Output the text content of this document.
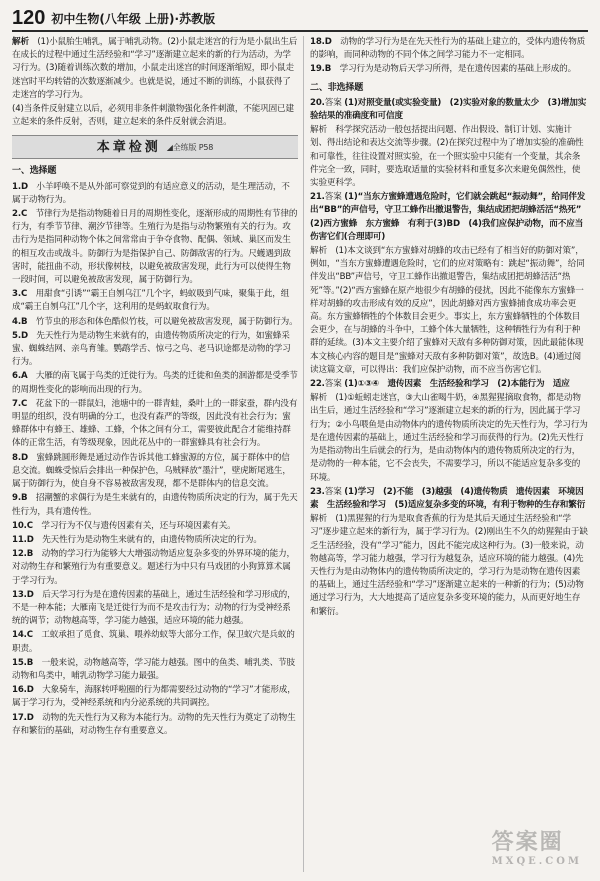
120 初中生物(八年级 上册)·苏教版
解析　 (1)小鼠胎生哺乳，属于哺乳动物。(2)小鼠走迷宫的行为是小鼠出生后在成长的过程中通过生活经验和“学习”逐渐建立起来的新的行为活动，为学习行为。(3)随着训练次数的增加，小鼠走出迷宫的时间逐渐缩短，即小鼠走迷宫时平均转错的次数逐渐减少。也就是说，通过不断的训练，小鼠获得了走迷宫的学习行为。
(4)当条件反射建立以后，必须用非条件刺激物强化条件刺激，不能巩固已建立起来的条件反射，否则，建立起来的条件反射就会消退。
本章检测 ◢全练版 P58
一、选择题
1.D　 小羊呼唤不是从外部可察觉到的有适应意义的活动，是生理活动，不属于动物行为。
2.C　 节律行为是指动物随着日月的周期性变化，逐渐形成的周期性有节律的行为，有季节节律、潮汐节律等。生殖行为是指与动物繁殖有关的行为。攻击行为是指同种动物个体之间常常由于争夺食物、配偶、领域、巢区而发生的相互攻击或战斗。防御行为是指保护自己、防御敌害的行为。尺蠖遇到敌害时，能扭曲不动，形状像树枝，以避免被敌害发现，此行为可以使得生物一段时间，可以避免被敌害发现，属于防御行为。
3.C　 用甜食“引诱”“霸王自刎乌江”几个字，蚂蚁吸到气味，聚集于此，组成“霸王自刎乌江”几个字，这利用的是蚂蚁取食行为。
4.B　 竹节虫的形态和体色酷似竹枝，可以避免被敌害发现，属于防御行为。
5.D　 先天性行为是动物生来就有的，由遗传物质所决定的行为，如蜜蜂采蜜、蜘蛛结网、亲鸟育雏。鹦鹉学舌、惊弓之鸟、老马识途都是动物的学习行为。
6.A　 大雁的南飞属于鸟类的迁徙行为。鸟类的迁徙和鱼类的洄游都是受季节的周期性变化的影响而出现的行为。
7.C　 花盆下的一群鼠妇，池塘中的一群青蛙，桑叶上的一群家蚕，群内没有明显的组织，没有明确的分工，也没有森严的等级，因此没有社会行为；蜜蜂群体中有蜂王、雄蜂、工蜂，个体之间有分工，需要彼此配合才能维持群体的正常生活，有等级现象，因此花丛中的一群蜜蜂具有社会行为。
8.D　 蜜蜂跳圆形舞是通过动作告诉其他工蜂蜜源的方位，属于群体中的信息交流。蜘蛛受惊后会排出一种保护色，乌贼释放“墨汁”，壁虎断尾逃生，属于防御行为，使自身不容易被敌害发现，都不是群体内的信息交流。
9.B　 招潮蟹的求偶行为是生来就有的，由遗传物质所决定的行为，属于先天性行为，具有遗传性。
10.C　 学习行为不仅与遗传因素有关，还与环境因素有关。
11.D　 先天性行为是动物生来就有的，由遗传物质所决定的行为。
12.B　 动物的学习行为能够大大增强动物适应复杂多变的外界环境的能力，对动物生存和繁殖行为有重要意义。题述行为中只有马戏团的小狗算算术属于学习行为。
13.D　 后天学习行为是在遗传因素的基础上，通过生活经验和学习形成的，不是一种本能；大雁南飞是迁徙行为而不是攻击行为；动物的行为受神经系统的调节；动物越高等，学习能力越强，适应环境的能力越强。
14.C　 工蚁承担了觅食、筑巢、喂养幼蚁等大部分工作，保卫蚁穴是兵蚁的职责。
15.B　 一般来说，动物越高等，学习能力越强。图中的鱼类、哺乳类、节肢动物和鸟类中，哺乳动物学习能力最强。
16.D　 大象骑车，海豚转呼啦圈的行为都需要经过动物的“学习”才能形成，属于学习行为，受神经系统和内分泌系统的共同调控。
17.D　 动物的先天性行为又称为本能行为。动物的先天性行为奠定了动物生存和繁衍的基础，对动物生存有重要意义。
18.D　 动物的学习行为是在先天性行为的基础上建立的，受体内遗传物质的影响，而同种动物的不同个体之间学习能力不一定相同。
19.B　 学习行为是动物后天学习所得，是在遗传因素的基础上形成的。
二、非选择题
20.答案 (1)对照变量(或实验变量)　(2)实验对象的数量太少　(3)增加实验结果的准确度和可信度
解析　科学探究活动一般包括提出问题、作出假设、制订计划、实施计划、得出结论和表达交流等步骤。(2)在探究过程中为了增加实验的准确性和可靠性，往往设置对照实验，在一个照实验中只能有一个变量，其余条件完全一致，同时，要选取适量的实验材料和重复多次来避免偶然性，使实验更科学。
21.答案 (1)“当东方蜜蜂遭遇危险时，它们就会跳起“振动舞”，给同伴发出“BB”的声信号，守卫工蜂作出撤退警告，集结成团把胡蜂活活“热死”　(2)西方蜜蜂　东方蜜蜂　有利于(3)BD　(4)我们应保护动物，而不应当伤害它们(合理即可)
解析　(1)本文谈到“东方蜜蜂对胡蜂的攻击已经有了相当好的防御对策”，例如，“当东方蜜蜂遭遇危险时，它们的应对策略有：跳起“振动舞”，给同伴发出“BB”声信号，守卫工蜂作出撤退警告，集结成团把胡蜂活活“热死”等。”(2)“西方蜜蜂在原产地很少有胡蜂的侵扰，因此不能像东方蜜蜂一样对胡蜂的攻击形成有效的反应”，因此胡蜂对西方蜜蜂捕食成功率会更高。东方蜜蜂牺牲的个体数目会更少。事实上，东方蜜蜂牺牲的个体数目会更少，在与胡蜂的斗争中，工蜂个体大量牺牲，这种牺牲行为有利于种群的延续。(3)本文主要介绍了蜜蜂对天敌有多种防御对策，因此最能体现本文核心内容的题目是“蜜蜂对天敌有多种防御对策”，故选B。(4)通过阅读这篇文章，可以得出：我们应保护动物，而不应当伤害它们。
22.答案 (1)①③④　遗传因素　生活经验和学习　(2)本能行为　适应
解析　(1)①蚯蚓走迷宫，③大山雀喝牛奶，④黑猩猩摘取食物，都是动物出生后，通过生活经验和“学习”逐渐建立起来的新的行为，因此属于学习行为；②小鸟喂鱼是由动物体内的遗传物质所决定的先天性行为，学习行为是在遗传因素的基础上，通过生活经验和学习而获得的行为。(2)先天性行为是指动物出生后就会的行为，是由动物体内的遗传物质所决定的行为，是动物的一种本能，它不会丧失，不需要学习，所以不能适应复杂多变的环境。
23.答案 (1)学习　(2)不能　(3)越强　(4)遗传物质　遗传因素　环境因素　生活经验和学习　(5)适应复杂多变的环境，有利于物种的生存和繁衍
解析　(1)黑猩猩的行为是取食香蕉的行为是其后天通过生活经验和“学习”逐步建立起来的新行为，属于学习行为。(2)刚出生不久的幼猩猩由于缺乏生活经验，没有“学习”能力，因此不能完成这种行为。(3)一般来说，动物越高等，学习能力越强，学习行为越复杂，适应环境的能力越强。(4)先天性行为是由动物体内的遗传物质所决定的，学习行为是动物在遗传因素的基础上，通过生活经验和“学习”逐渐建立起来的一种新的行为；(5)动物通过学习行为，大大地提高了适应复杂多变环境的能力，从而更好地生存和繁衍。
答案圈
MXQE.COM
